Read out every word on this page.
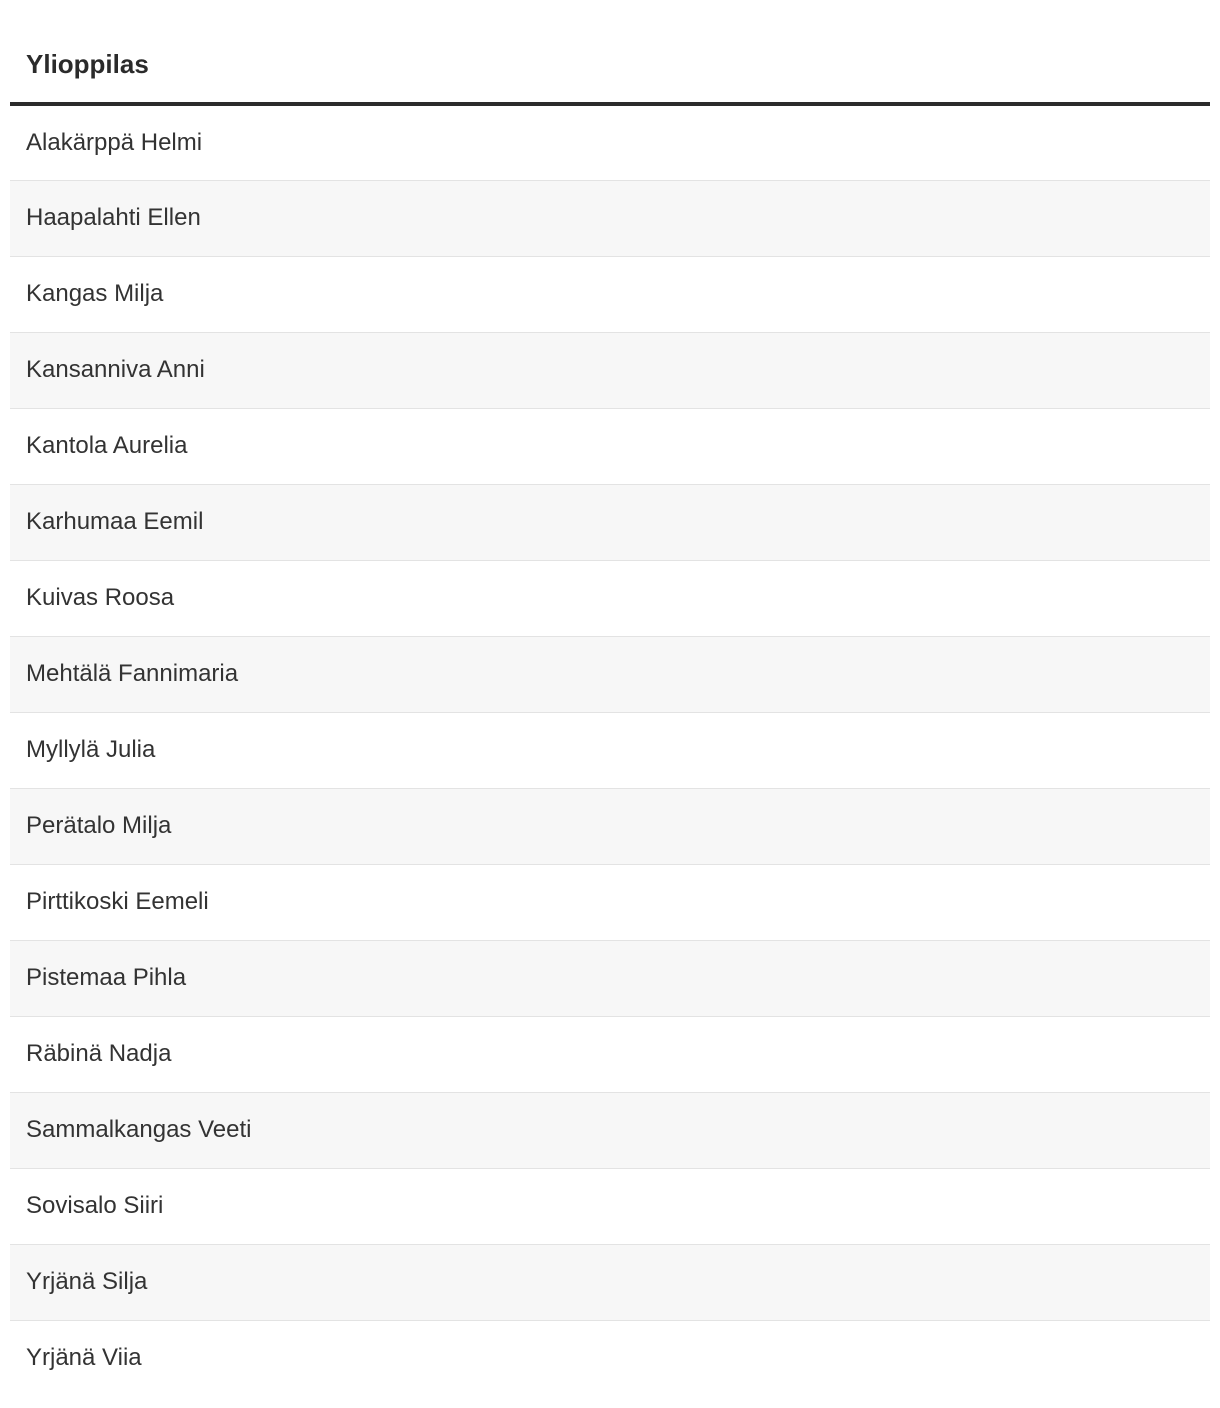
Ylioppilas
Alakärppä Helmi
Haapalahti Ellen
Kangas Milja
Kansanniva Anni
Kantola Aurelia
Karhumaa Eemil
Kuivas Roosa
Mehtälä Fannimaria
Myllylä Julia
Perätalo Milja
Pirttikoski Eemeli
Pistemaa Pihla
Räbinä Nadja
Sammalkangas Veeti
Sovisalo Siiri
Yrjänä Silja
Yrjänä Viia
